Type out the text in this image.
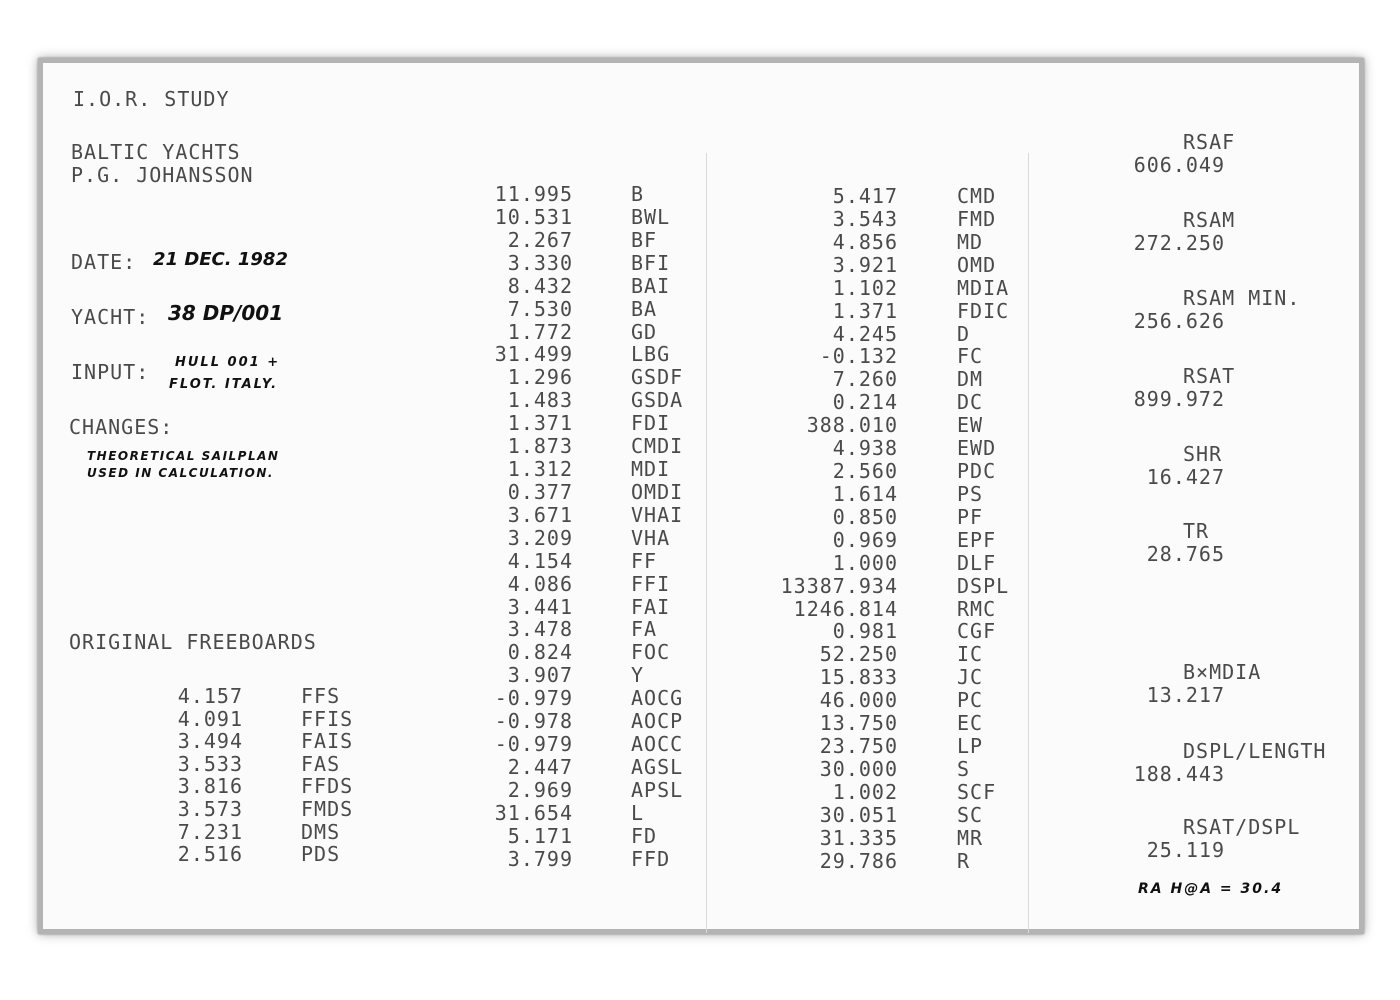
I.O.R. STUDY
BALTIC YACHTS
P.G. JOHANSSON
DATE: 21 DEC. 1982
YACHT: 38 DP/001
INPUT: HULL 001 +
FLOT. ITALY.
CHANGES:
THEORETICAL SAILPLAN
USED IN CALCULATION.
ORIGINAL FREEBOARDS
4.157	FFS
4.091	FFIS
3.494	FAIS
3.533	FAS
3.816	FFDS
3.573	FMDS
7.231	DMS
2.516	PDS
11.995	B
10.531	BWL
2.267	BF
3.330	BFI
8.432	BAI
7.530	BA
1.772	GD
31.499	LBG
1.296	GSDF
1.483	GSDA
1.371	FDI
1.873	CMDI
1.312	MDI
0.377	OMDI
3.671	VHAI
3.209	VHA
4.154	FF
4.086	FFI
3.441	FAI
3.478	FA
0.824	FOC
3.907	Y
-0.979	AOCG
-0.978	AOCP
-0.979	AOCC
2.447	AGSL
2.969	APSL
31.654	L
5.171	FD
3.799	FFD
5.417	CMD
3.543	FMD
4.856	MD
3.921	OMD
1.102	MDIA
1.371	FDIC
4.245	D
-0.132	FC
7.260	DM
0.214	DC
388.010	EW
4.938	EWD
2.560	PDC
1.614	PS
0.850	PF
0.969	EPF
1.000	DLF
13387.934	DSPL
1246.814	RMC
0.981	CGF
52.250	IC
15.833	JC
46.000	PC
13.750	EC
23.750	LP
30.000	S
1.002	SCF
30.051	SC
31.335	MR
29.786	R
RSAF
606.049
RSAM
272.250
RSAM MIN.
256.626
RSAT
899.972
SHR
16.427
TR
28.765
B×MDIA
13.217
DSPL/LENGTH
188.443
RSAT/DSPL
25.119
RA H@A = 30.4
